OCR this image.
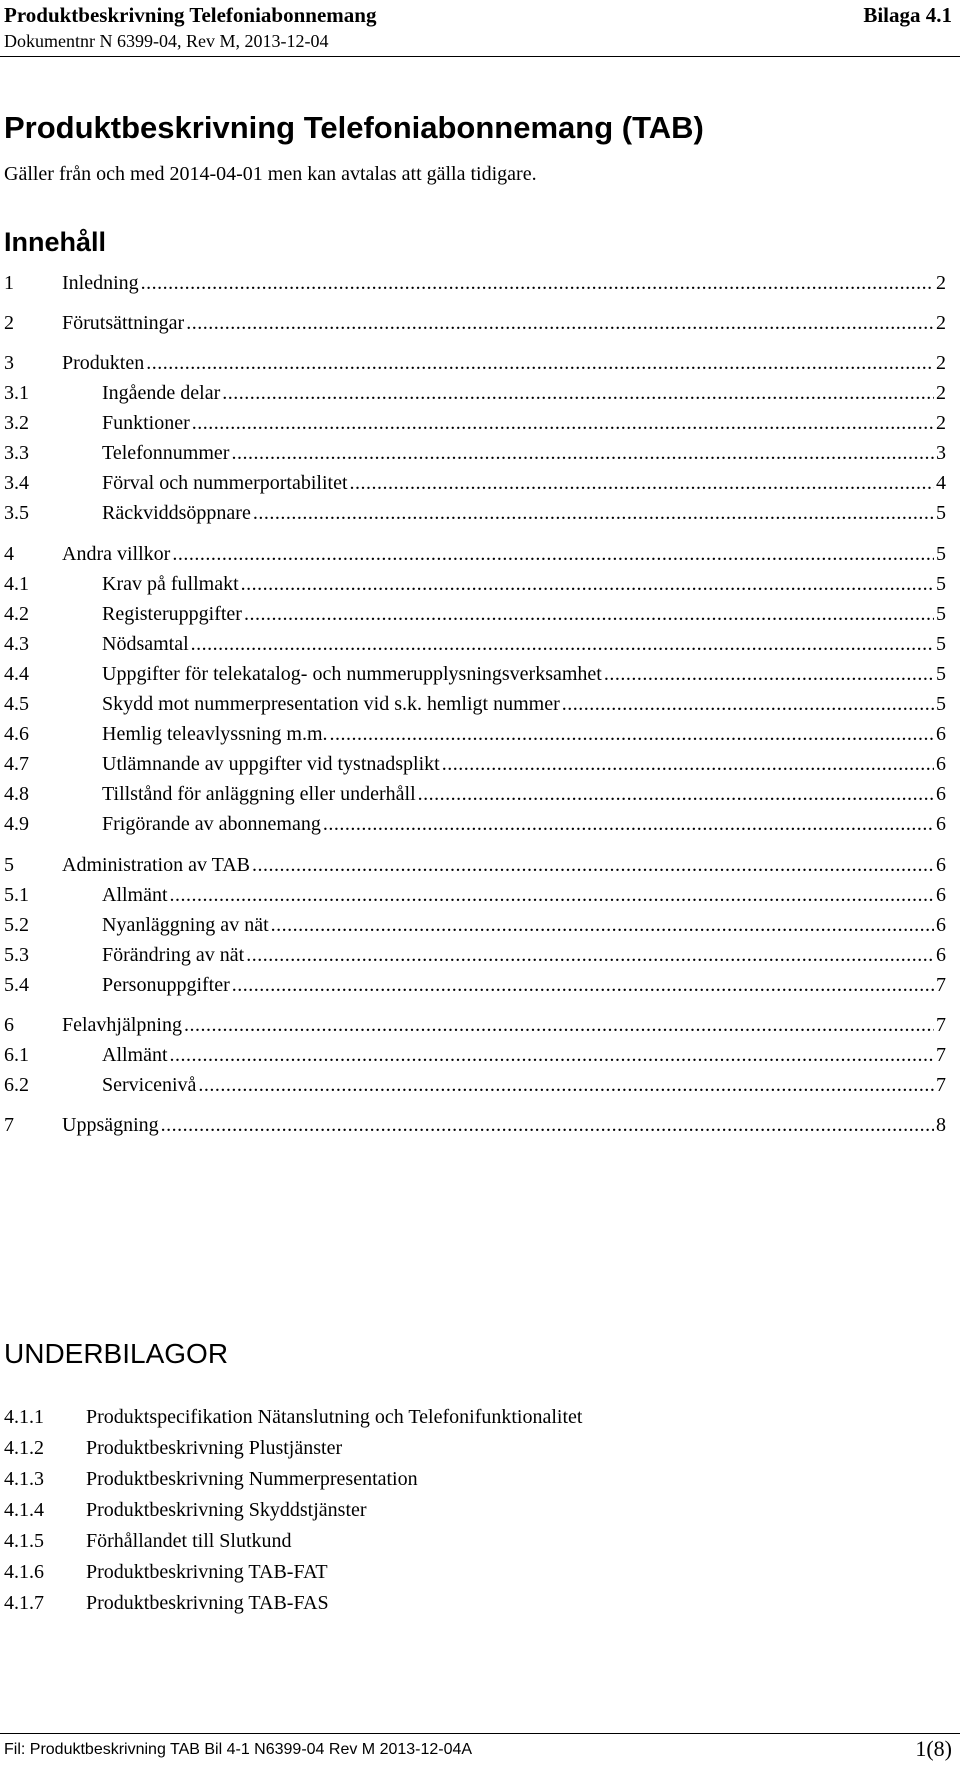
Produktbeskrivning Telefoniabonnemang	Bilaga 4.1
Dokumentnr N 6399-04, Rev M, 2013-12-04
Produktbeskrivning Telefoniabonnemang (TAB)
Gäller från och med 2014-04-01 men kan avtalas att gälla tidigare.
Innehåll
1	Inledning .....	2
2	Förutsättningar .....	2
3	Produkten .....	2
3.1	Ingående delar .....	2
3.2	Funktioner .....	2
3.3	Telefonnummer .....	3
3.4	Förval och nummerportabilitet .....	4
3.5	Räckviddsöppnare .....	5
4	Andra villkor .....	5
4.1	Krav på fullmakt .....	5
4.2	Registeruppgifter .....	5
4.3	Nödsamtal .....	5
4.4	Uppgifter för telekatalog- och nummerupplysningsverksamhet .....	5
4.5	Skydd mot nummerpresentation vid s.k. hemligt nummer .....	5
4.6	Hemlig teleavlyssning m.m. .....	6
4.7	Utlämnande av uppgifter vid tystnadsplikt .....	6
4.8	Tillstånd för anläggning eller underhåll .....	6
4.9	Frigörande av abonnemang .....	6
5	Administration av TAB .....	6
5.1	Allmänt .....	6
5.2	Nyanläggning av nät .....	6
5.3	Förändring av nät .....	6
5.4	Personuppgifter .....	7
6	Felavhjälpning .....	7
6.1	Allmänt .....	7
6.2	Servicenivå .....	7
7	Uppsägning .....	8
UNDERBILAGOR
4.1.1	Produktspecifikation Nätanslutning och Telefonifunktionalitet
4.1.2	Produktbeskrivning Plustjänster
4.1.3	Produktbeskrivning Nummerpresentation
4.1.4	Produktbeskrivning Skyddstjänster
4.1.5	Förhållandet till Slutkund
4.1.6	Produktbeskrivning TAB-FAT
4.1.7	Produktbeskrivning TAB-FAS
Fil: Produktbeskrivning TAB Bil 4-1 N6399-04 Rev M 2013-12-04A	1(8)
